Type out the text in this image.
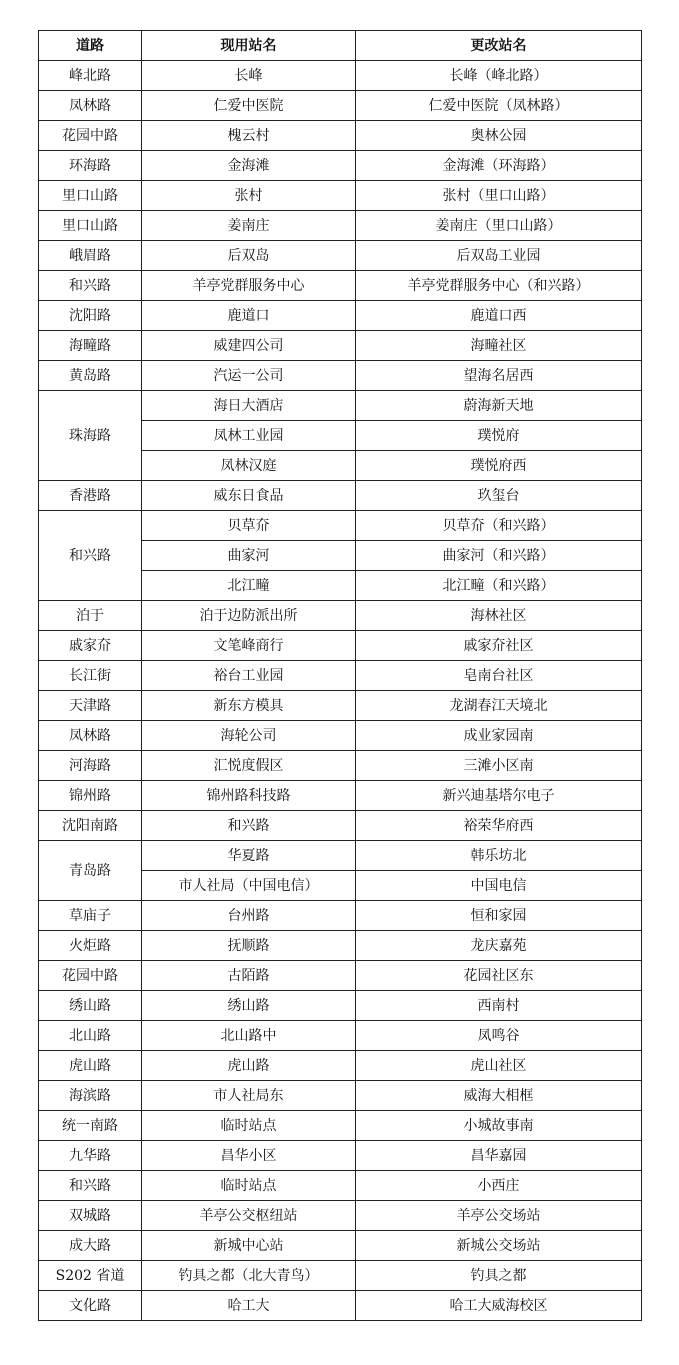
道路	现用站名	更改站名
峰北路	长峰	长峰（峰北路）
凤林路	仁爱中医院	仁爱中医院（凤林路）
花园中路	槐云村	奥林公园
环海路	金海滩	金海滩（环海路）
里口山路	张村	张村（里口山路）
里口山路	姜南庄	姜南庄（里口山路）
峨眉路	后双岛	后双岛工业园
和兴路	羊亭党群服务中心	羊亭党群服务中心（和兴路）
沈阳路	鹿道口	鹿道口西
海疃路	威建四公司	海疃社区
黄岛路	汽运一公司	望海名居西
珠海路	海日大酒店	蔚海新天地
	凤林工业园	璞悦府
	凤林汉庭	璞悦府西
香港路	威东日食品	玖玺台
和兴路	贝草夼	贝草夼（和兴路）
	曲家河	曲家河（和兴路）
	北江疃	北江疃（和兴路）
泊于	泊于边防派出所	海林社区
戚家夼	文笔峰商行	戚家夼社区
长江街	裕台工业园	皂南台社区
天津路	新东方模具	龙湖春江天境北
凤林路	海轮公司	成业家园南
河海路	汇悦度假区	三滩小区南
锦州路	锦州路科技路	新兴迪基塔尔电子
沈阳南路	和兴路	裕荣华府西
青岛路	华夏路	韩乐坊北
	市人社局（中国电信）	中国电信
草庙子	台州路	恒和家园
火炬路	抚顺路	龙庆嘉苑
花园中路	古陌路	花园社区东
绣山路	绣山路	西南村
北山路	北山路中	凤鸣谷
虎山路	虎山路	虎山社区
海滨路	市人社局东	威海大相框
统一南路	临时站点	小城故事南
九华路	昌华小区	昌华嘉园
和兴路	临时站点	小西庄
双城路	羊亭公交枢纽站	羊亭公交场站
成大路	新城中心站	新城公交场站
S202 省道	钓具之都（北大青鸟）	钓具之都
文化路	哈工大	哈工大威海校区
